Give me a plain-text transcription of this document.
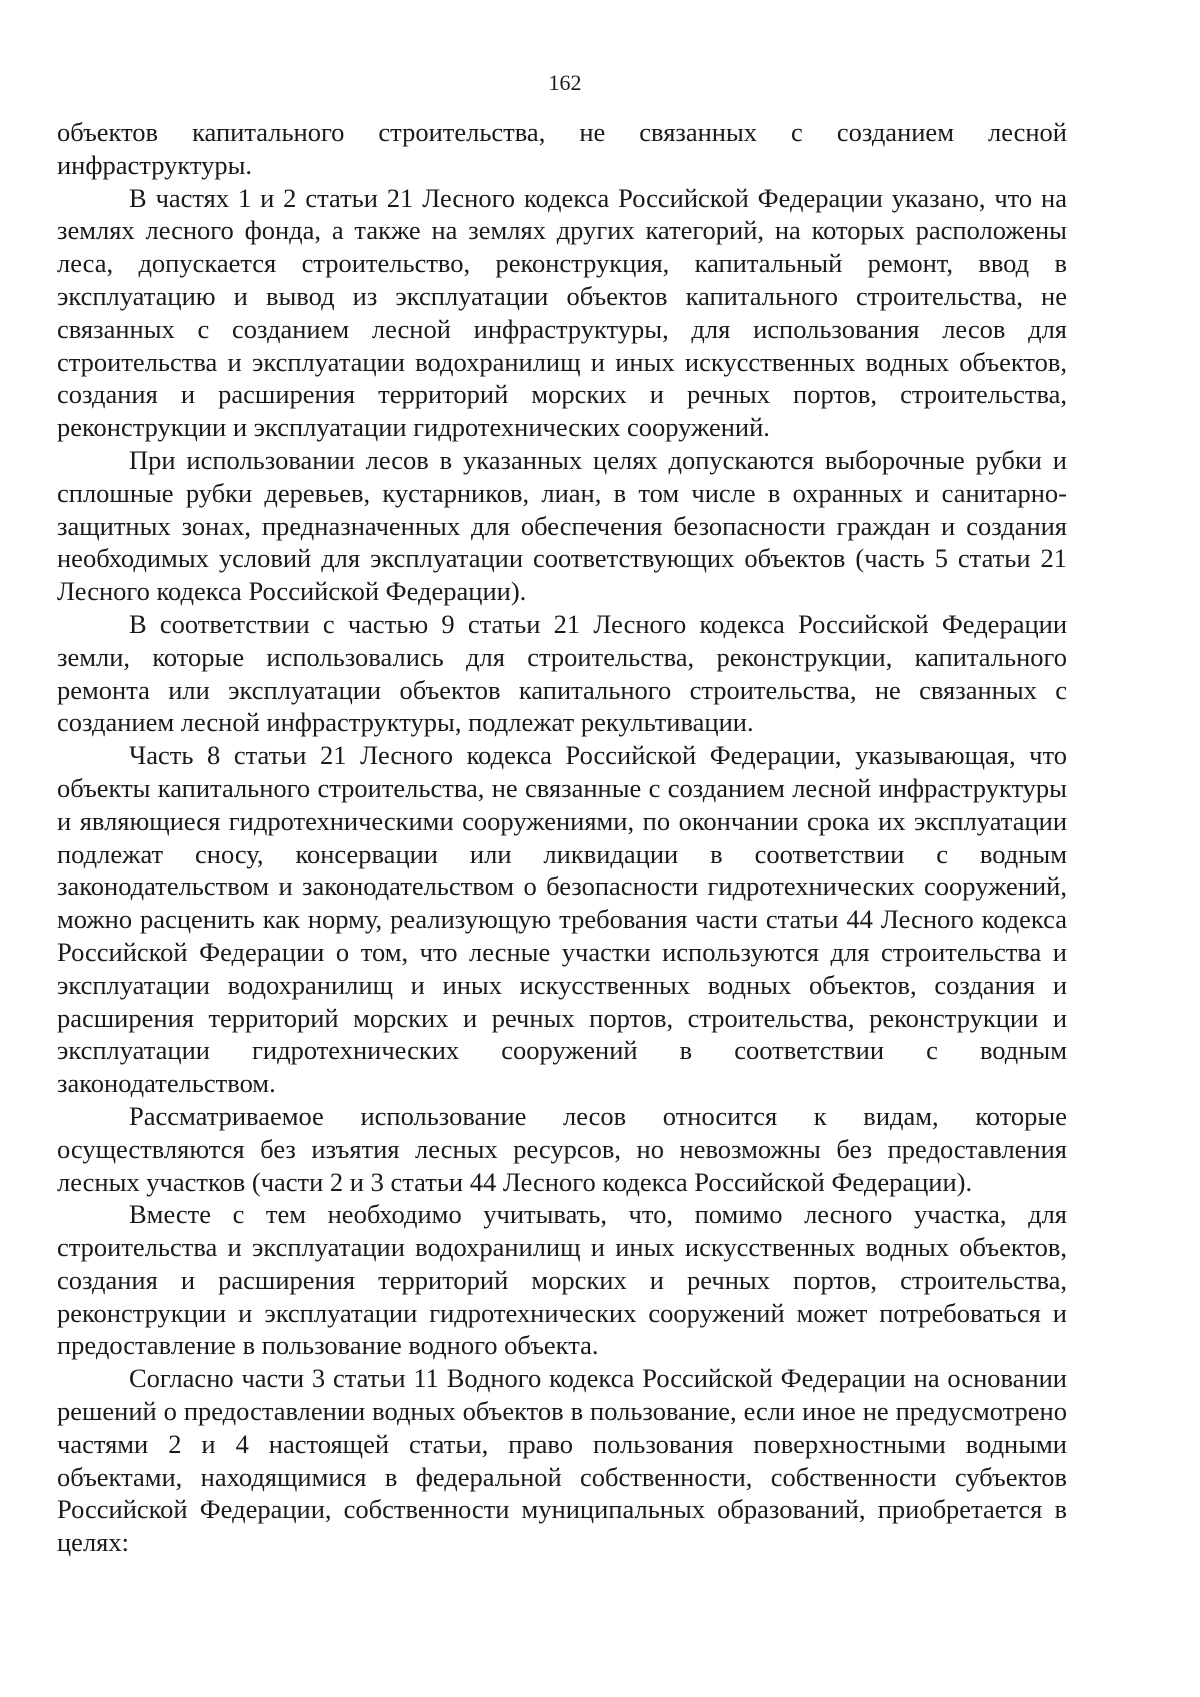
162

объектов капитального строительства, не связанных с созданием лесной инфраструктуры.

В частях 1 и 2 статьи 21 Лесного кодекса Российской Федерации указано, что на землях лесного фонда, а также на землях других категорий, на которых расположены леса, допускается строительство, реконструкция, капитальный ремонт, ввод в эксплуатацию и вывод из эксплуатации объектов капитального строительства, не связанных с созданием лесной инфраструктуры, для использования лесов для строительства и эксплуатации водохранилищ и иных искусственных водных объектов, создания и расширения территорий морских и речных портов, строительства, реконструкции и эксплуатации гидротехнических сооружений.

При использовании лесов в указанных целях допускаются выборочные рубки и сплошные рубки деревьев, кустарников, лиан, в том числе в охранных и санитарно-защитных зонах, предназначенных для обеспечения безопасности граждан и создания необходимых условий для эксплуатации соответствующих объектов (часть 5 статьи 21 Лесного кодекса Российской Федерации).

В соответствии с частью 9 статьи 21 Лесного кодекса Российской Федерации земли, которые использовались для строительства, реконструкции, капитального ремонта или эксплуатации объектов капитального строительства, не связанных с созданием лесной инфраструктуры, подлежат рекультивации.

Часть 8 статьи 21 Лесного кодекса Российской Федерации, указывающая, что объекты капитального строительства, не связанные с созданием лесной инфраструктуры и являющиеся гидротехническими сооружениями, по окончании срока их эксплуатации подлежат сносу, консервации или ликвидации в соответствии с водным законодательством и законодательством о безопасности гидротехнических сооружений, можно расценить как норму, реализующую требования части статьи 44 Лесного кодекса Российской Федерации о том, что лесные участки используются для строительства и эксплуатации водохранилищ и иных искусственных водных объектов, создания и расширения территорий морских и речных портов, строительства, реконструкции и эксплуатации гидротехнических сооружений в соответствии с водным законодательством.

Рассматриваемое использование лесов относится к видам, которые осуществляются без изъятия лесных ресурсов, но невозможны без предоставления лесных участков (части 2 и 3 статьи 44 Лесного кодекса Российской Федерации).

Вместе с тем необходимо учитывать, что, помимо лесного участка, для строительства и эксплуатации водохранилищ и иных искусственных водных объектов, создания и расширения территорий морских и речных портов, строительства, реконструкции и эксплуатации гидротехнических сооружений может потребоваться и предоставление в пользование водного объекта.

Согласно части 3 статьи 11 Водного кодекса Российской Федерации на основании решений о предоставлении водных объектов в пользование, если иное не предусмотрено частями 2 и 4 настоящей статьи, право пользования поверхностными водными объектами, находящимися в федеральной собственности, собственности субъектов Российской Федерации, собственности муниципальных образований, приобретается в целях:
